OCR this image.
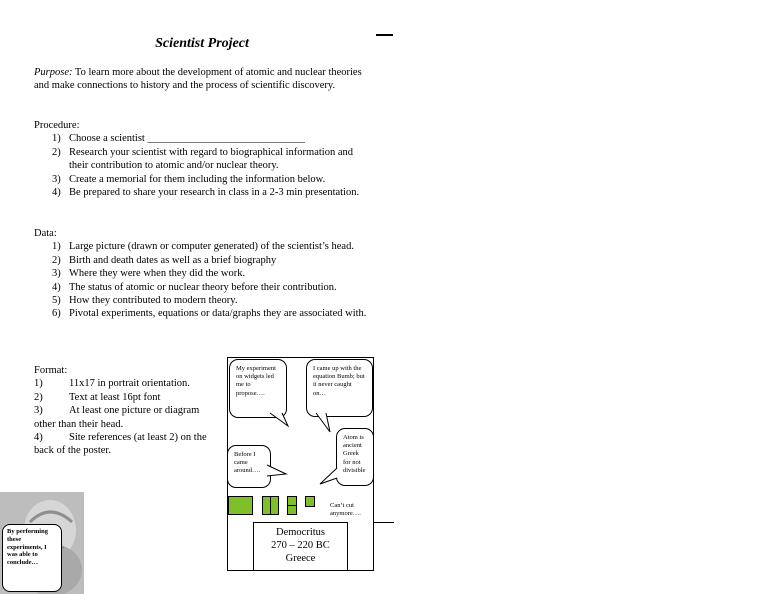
Scientist Project
Purpose: To learn more about the development of atomic and nuclear theories and make connections to history and the process of scientific discovery.
Procedure:
1) Choose a scientist ______________________________
2) Research your scientist with regard to biographical information and their contribution to atomic and/or nuclear theory.
3) Create a memorial for them including the information below.
4) Be prepared to share your research in class in a 2-3 min presentation.
Data:
1) Large picture (drawn or computer generated) of the scientist’s head.
2) Birth and death dates as well as a brief biography
3) Where they were when they did the work.
4) The status of atomic or nuclear theory before their contribution.
5) How they contributed to modern theory.
6) Pivotal experiments, equations or data/graphs they are associated with.
Format:
1)	11x17 in portrait orientation.
2)	Text at least 16pt font
3)	At least one picture or diagram other than their head.
4)	Site references (at least 2) on the back of the poster.
My experiment on widgets led me to propose….
I came up with the equation Bumb; but it never caught on…
Before I came around….
Atom is ancient Greek for not divisible
Can’t cut anymore….
Democritus
270 – 220 BC
Greece
By performing these experiments, I was able to conclude…
